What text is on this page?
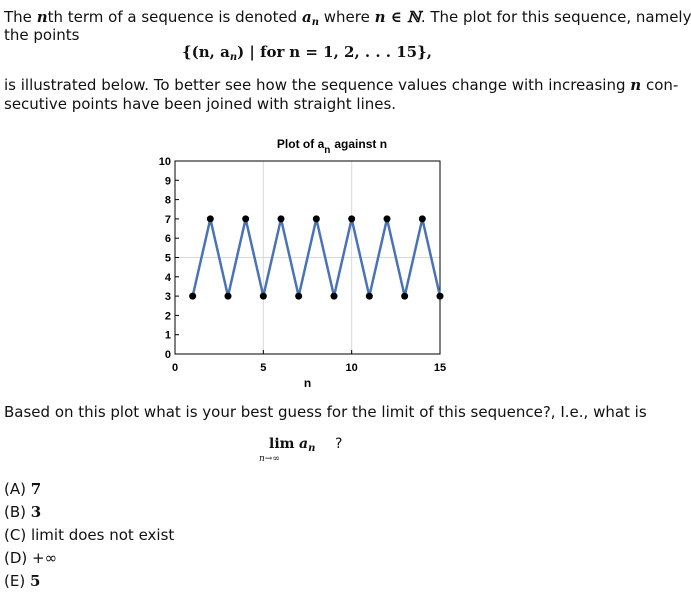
The nth term of a sequence is denoted $a_n$ where n ∈ ℕ. The plot for this sequence, namely
the points
{(n, $a_n$) | for n = 1, 2, . . . 15},
is illustrated below. To better see how the sequence values change with increasing n con-
secutive points have been joined with straight lines.
Plot of $a_n$ against n
0
1
2
3
4
5
6
7
8
9
10
0	5	10	15
n
Based on this plot what is your best guess for the limit of this sequence?, I.e., what is
$\lim a_n$ ?
n→∞
(A) 7
(B) 3
(C) limit does not exist
(D) +∞
(E) 5
